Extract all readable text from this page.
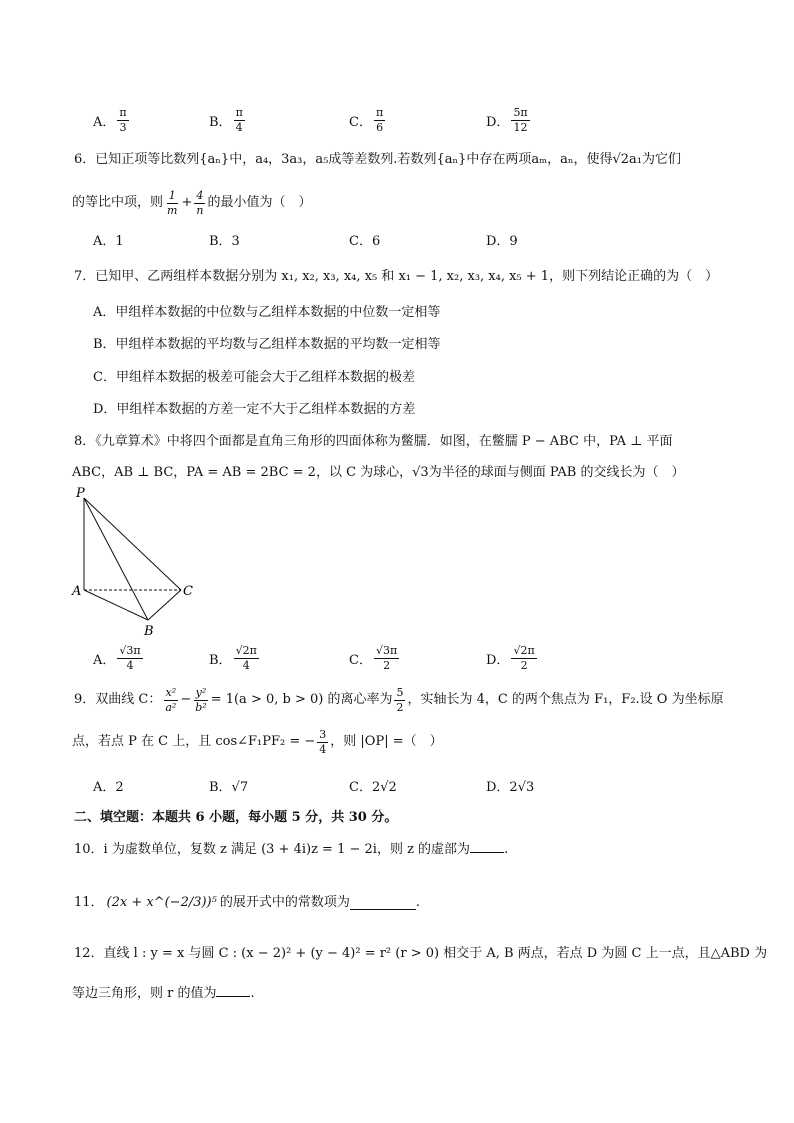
A． $\frac{\pi}{3}$	B． $\frac{\pi}{4}$	C． $\frac{\pi}{6}$	D． $\frac{5\pi}{12}$
6．已知正项等比数列{aₙ}中，a₄，3a₃，a₅成等差数列.若数列{aₙ}中存在两项aₘ，aₙ，使得√2a₁为它们
的等比中项，则 $\frac{1}{m} + \frac{4}{n}$ 的最小值为（　）
A．1	B．3	C．6	D．9
7．已知甲、乙两组样本数据分别为 x₁, x₂, x₃, x₄, x₅ 和 x₁ − 1, x₂, x₃, x₄, x₅ + 1，则下列结论正确的为（　）
A．甲组样本数据的中位数与乙组样本数据的中位数一定相等
B．甲组样本数据的平均数与乙组样本数据的平均数一定相等
C．甲组样本数据的极差可能会大于乙组样本数据的极差
D．甲组样本数据的方差一定不大于乙组样本数据的方差
8．《九章算术》中将四个面都是直角三角形的四面体称为鳖臑．如图，在鳖臑 P − ABC 中，PA ⊥ 平面
ABC，AB ⊥ BC，PA = AB = 2BC = 2，以 C 为球心，√3为半径的球面与侧面 PAB 的交线长为（　）
P
A	C
B
A． $\frac{√3\pi}{4}$	B． $\frac{√2\pi}{4}$	C． $\frac{√3\pi}{2}$	D． $\frac{√2\pi}{2}$
9．双曲线 C： $\frac{\text{x²}}{\text{a²}} - \frac{\text{y²}}{\text{b²}} = 1(a > 0$, b > 0) 的离心率为 $\frac{5}{2}$ ，实轴长为 4，C 的两个焦点为 F₁，F₂.设 O 为坐标原
点，若点 P 在 C 上，且 cos∠F₁PF₂ = − $\frac{3}{4}$ ，则 |OP| =（　）
A．2	B．√7	C．2√2	D．2√3
二、填空题：本题共 6 小题，每小题 5 分，共 30 分。
10．i 为虚数单位，复数 z 满足 (3 + 4i)z = 1 − 2i，则 z 的虚部为	.
11． (2x + x^(−2/3))⁵ 的展开式中的常数项为	.
12．直线 l : y = x 与圆 C : (x − 2)² + (y − 4)² = r² (r > 0) 相交于 A, B 两点，若点 D 为圆 C 上一点，且△ABD 为
等边三角形，则 r 的值为	.
